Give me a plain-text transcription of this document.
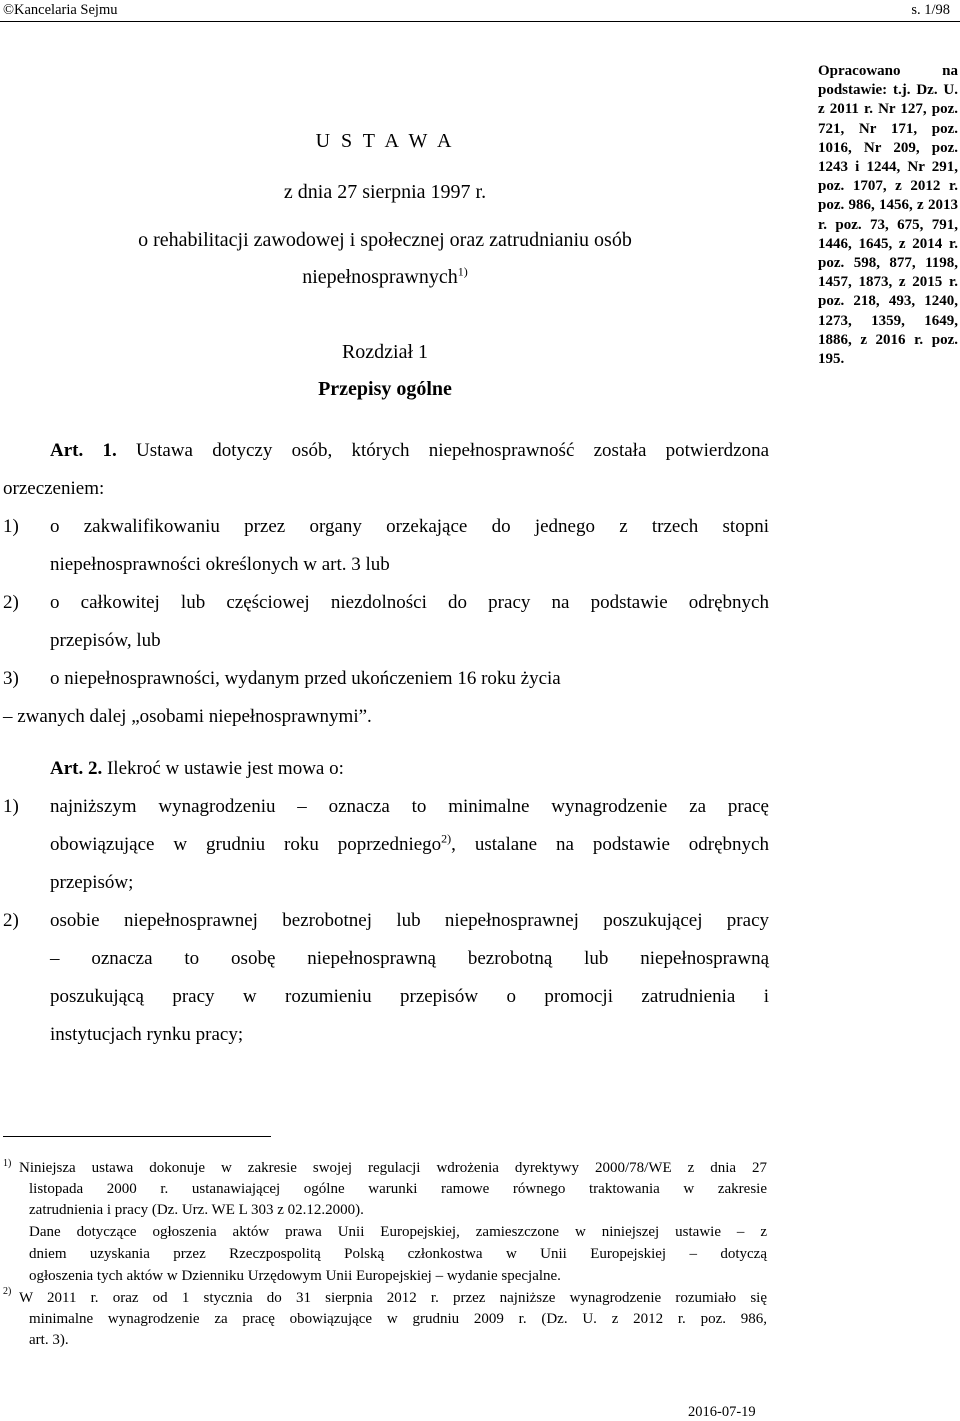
©Kancelaria Sejmu	s. 1/98
Opracowano na podstawie: t.j. Dz. U. z 2011 r. Nr 127, poz. 721, Nr 171, poz. 1016, Nr 209, poz. 1243 i 1244, Nr 291, poz. 1707, z 2012 r. poz. 986, 1456, z 2013 r. poz. 73, 675, 791, 1446, 1645, z 2014 r. poz. 598, 877, 1198, 1457, 1873, z 2015 r. poz. 218, 493, 1240, 1273, 1359, 1649, 1886, z 2016 r. poz. 195.
U S T A W A
z dnia 27 sierpnia 1997 r.
o rehabilitacji zawodowej i społecznej oraz zatrudnianiu osób
niepełnosprawnych$^{1)}$
Rozdział 1
Przepisy ogólne
Art. 1. Ustawa dotyczy osób, których niepełnosprawność została potwierdzona
orzeczeniem:
1) o zakwalifikowaniu przez organy orzekające do jednego z trzech stopni
niepełnosprawności określonych w art. 3 lub
2) o całkowitej lub częściowej niezdolności do pracy na podstawie odrębnych
przepisów, lub
3) o niepełnosprawności, wydanym przed ukończeniem 16 roku życia
– zwanych dalej „osobami niepełnosprawnymi”.
Art. 2. Ilekroć w ustawie jest mowa o:
1) najniższym wynagrodzeniu – oznacza to minimalne wynagrodzenie za pracę
obowiązujące w grudniu roku poprzedniego$^{2)}$, ustalane na podstawie odrębnych
przepisów;
2) osobie niepełnosprawnej bezrobotnej lub niepełnosprawnej poszukującej pracy
– oznacza to osobę niepełnosprawną bezrobotną lub niepełnosprawną
poszukującą pracy w rozumieniu przepisów o promocji zatrudnienia i
instytucjach rynku pracy;
1) Niniejsza ustawa dokonuje w zakresie swojej regulacji wdrożenia dyrektywy 2000/78/WE z dnia 27
listopada 2000 r. ustanawiającej ogólne warunki ramowe równego traktowania w zakresie
zatrudnienia i pracy (Dz. Urz. WE L 303 z 02.12.2000).
Dane dotyczące ogłoszenia aktów prawa Unii Europejskiej, zamieszczone w niniejszej ustawie – z
dniem uzyskania przez Rzeczpospolitą Polską członkostwa w Unii Europejskiej – dotyczą
ogłoszenia tych aktów w Dzienniku Urzędowym Unii Europejskiej – wydanie specjalne.
2) W 2011 r. oraz od 1 stycznia do 31 sierpnia 2012 r. przez najniższe wynagrodzenie rozumiało się
minimalne wynagrodzenie za pracę obowiązujące w grudniu 2009 r. (Dz. U. z 2012 r. poz. 986,
art. 3).
2016-07-19
